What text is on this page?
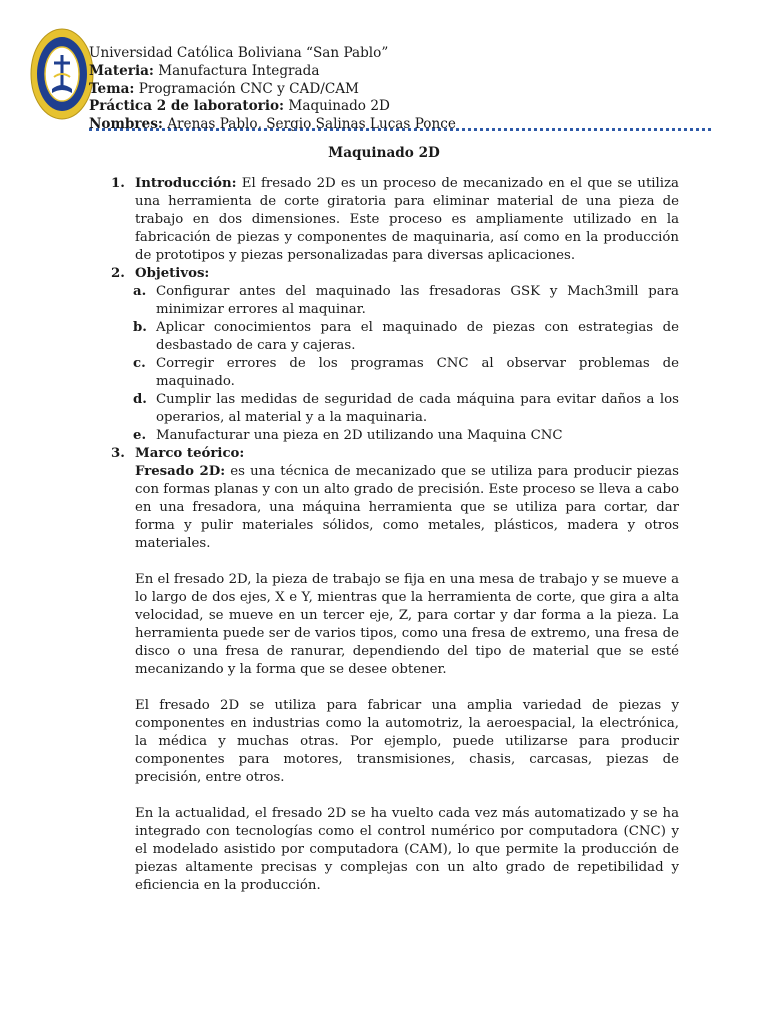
Universidad Católica Boliviana “San Pablo”
Materia: Manufactura Integrada
Tema: Programación CNC y CAD/CAM
Práctica 2 de laboratorio: Maquinado 2D
Nombres: Arenas Pablo, Sergio Salinas Lucas Ponce
Maquinado 2D
1. Introducción: El fresado 2D es un proceso de mecanizado en el que se utiliza una herramienta de corte giratoria para eliminar material de una pieza de trabajo en dos dimensiones. Este proceso es ampliamente utilizado en la fabricación de piezas y componentes de maquinaria, así como en la producción de prototipos y piezas personalizadas para diversas aplicaciones.
2. Objetivos:
a. Configurar antes del maquinado las fresadoras GSK y Mach3mill para minimizar errores al maquinar.
b. Aplicar conocimientos para el maquinado de piezas con estrategias de desbastado de cara y cajeras.
c. Corregir errores de los programas CNC al observar problemas de maquinado.
d. Cumplir las medidas de seguridad de cada máquina para evitar daños a los operarios, al material y a la maquinaria.
e. Manufacturar una pieza en 2D utilizando una Maquina CNC
3. Marco teórico:

Fresado 2D: es una técnica de mecanizado que se utiliza para producir piezas con formas planas y con un alto grado de precisión. Este proceso se lleva a cabo en una fresadora, una máquina herramienta que se utiliza para cortar, dar forma y pulir materiales sólidos, como metales, plásticos, madera y otros materiales.

En el fresado 2D, la pieza de trabajo se fija en una mesa de trabajo y se mueve a lo largo de dos ejes, X e Y, mientras que la herramienta de corte, que gira a alta velocidad, se mueve en un tercer eje, Z, para cortar y dar forma a la pieza. La herramienta puede ser de varios tipos, como una fresa de extremo, una fresa de disco o una fresa de ranurar, dependiendo del tipo de material que se esté mecanizando y la forma que se desee obtener.

El fresado 2D se utiliza para fabricar una amplia variedad de piezas y componentes en industrias como la automotriz, la aeroespacial, la electrónica, la médica y muchas otras. Por ejemplo, puede utilizarse para producir componentes para motores, transmisiones, chasis, carcasas, piezas de precisión, entre otros.

En la actualidad, el fresado 2D se ha vuelto cada vez más automatizado y se ha integrado con tecnologías como el control numérico por computadora (CNC) y el modelado asistido por computadora (CAM), lo que permite la producción de piezas altamente precisas y complejas con un alto grado de repetibilidad y eficiencia en la producción.
